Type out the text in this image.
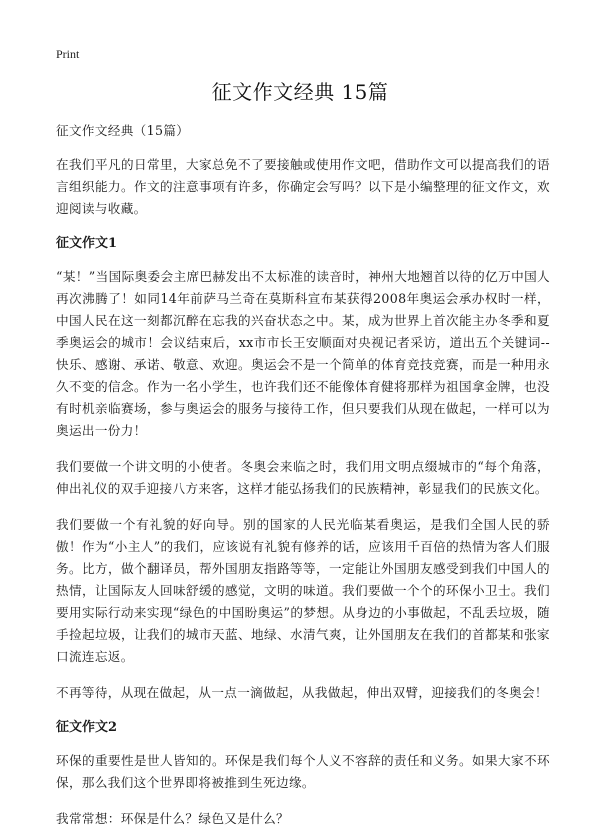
Print
征文作文经典 15篇

征文作文经典（15篇）

在我们平凡的日常里，大家总免不了要接触或使用作文吧，借助作文可以提高我们的语言组织能力。作文的注意事项有许多，你确定会写吗？以下是小编整理的征文作文，欢迎阅读与收藏。

征文作文1

“某！”当国际奥委会主席巴赫发出不太标准的读音时，神州大地翘首以待的亿万中国人再次沸腾了！如同14年前萨马兰奇在莫斯科宣布某获得2008年奥运会承办权时一样，中国人民在这一刻都沉醉在忘我的兴奋状态之中。某，成为世界上首次能主办冬季和夏季奥运会的城市！会议结束后，xx市市长王安顺面对央视记者采访，道出五个关键词--快乐、感谢、承诺、敬意、欢迎。奥运会不是一个简单的体育竞技竞赛，而是一种用永久不变的信念。作为一名小学生，也许我们还不能像体育健将那样为祖国拿金牌，也没有时机亲临赛场，参与奥运会的服务与接待工作，但只要我们从现在做起，一样可以为奥运出一份力！

我们要做一个讲文明的小使者。冬奥会来临之时，我们用文明点缀城市的“每个角落，伸出礼仪的双手迎接八方来客，这样才能弘扬我们的民族精神，彰显我们的民族文化。

我们要做一个有礼貌的好向导。别的国家的人民光临某看奥运，是我们全国人民的骄傲！作为“小主人”的我们，应该说有礼貌有修养的话，应该用千百倍的热情为客人们服务。比方，做个翻译员，帮外国朋友指路等等，一定能让外国朋友感受到我们中国人的热情，让国际友人回味舒缓的感觉，文明的味道。我们要做一个个的环保小卫士。我们要用实际行动来实现“绿色的中国盼奥运”的梦想。从身边的小事做起，不乱丢垃圾，随手捡起垃圾，让我们的城市天蓝、地绿、水清气爽，让外国朋友在我们的首都某和张家口流连忘返。

不再等待，从现在做起，从一点一滴做起，从我做起，伸出双臂，迎接我们的冬奥会！

征文作文2

环保的重要性是世人皆知的。环保是我们每个人义不容辞的责任和义务。如果大家不环保，那么我们这个世界即将被推到生死边缘。

我常常想：环保是什么？绿色又是什么？
